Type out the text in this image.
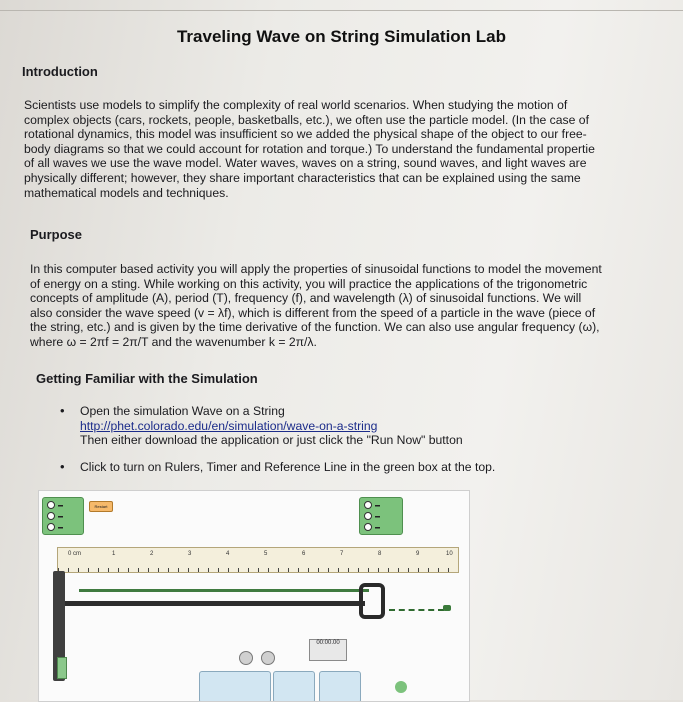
Traveling Wave on String Simulation Lab
Introduction
Scientists use models to simplify the complexity of real world scenarios. When studying the motion of
complex objects (cars, rockets, people, basketballs, etc.), we often use the particle model. (In the case of
rotational dynamics, this model was insufficient so we added the physical shape of the object to our free-
body diagrams so that we could account for rotation and torque.) To understand the fundamental propertie
of all waves we use the wave model. Water waves, waves on a string, sound waves, and light waves are
physically different; however, they share important characteristics that can be explained using the same
mathematical models and techniques.
Purpose
In this computer based activity you will apply the properties of sinusoidal functions to model the movement
of energy on a sting. While working on this activity, you will practice the applications of the trigonometric
concepts of amplitude (A), period (T), frequency (f), and wavelength (λ) of sinusoidal functions. We will
also consider the wave speed (v = λf), which is different from the speed of a particle in the wave (piece of
the string, etc.) and is given by the time derivative of the function. We can also use angular frequency (ω),
where ω = 2πf = 2π/T and the wavenumber k = 2π/λ.
Getting Familiar with the Simulation
• Open the simulation Wave on a String
http://phet.colorado.edu/en/simulation/wave-on-a-string
Then either download the application or just click the "Run Now" button
• Click to turn on Rulers, Timer and Reference Line in the green box at the top.
▬
▬
▬
Restart	▬
▬
▬
0 cm	1	2	3	4	5	6	7	8	9	10
00:00.00
